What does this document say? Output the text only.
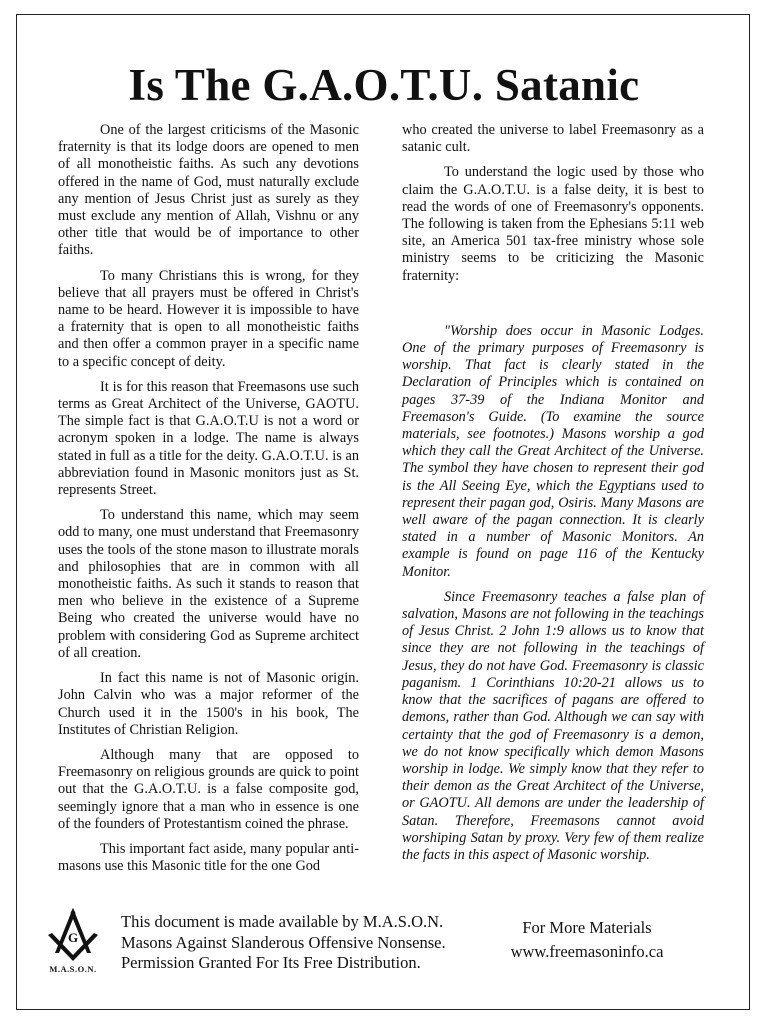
Is The G.A.O.T.U. Satanic

One of the largest criticisms of the Masonic fraternity is that its lodge doors are opened to men of all monotheistic faiths. As such any devotions offered in the name of God, must naturally exclude any mention of Jesus Christ just as surely as they must exclude any mention of Allah, Vishnu or any other title that would be of importance to other faiths.

To many Christians this is wrong, for they believe that all prayers must be offered in Christ's name to be heard. However it is impossible to have a fraternity that is open to all monotheistic faiths and then offer a common prayer in a specific name to a specific concept of deity.

It is for this reason that Freemasons use such terms as Great Architect of the Universe, GAOTU. The simple fact is that G.A.O.T.U is not a word or acronym spoken in a lodge. The name is always stated in full as a title for the deity. G.A.O.T.U. is an abbreviation found in Masonic monitors just as St. represents Street.

To understand this name, which may seem odd to many, one must understand that Freemasonry uses the tools of the stone mason to illustrate morals and philosophies that are in common with all monotheistic faiths. As such it stands to reason that men who believe in the existence of a Supreme Being who created the universe would have no problem with considering God as Supreme architect of all creation.

In fact this name is not of Masonic origin. John Calvin who was a major reformer of the Church used it in the 1500's in his book, The Institutes of Christian Religion.

Although many that are opposed to Freemasonry on religious grounds are quick to point out that the G.A.O.T.U. is a false composite god, seemingly ignore that a man who in essence is one of the founders of Protestantism coined the phrase.

This important fact aside, many popular anti-masons use this Masonic title for the one God

who created the universe to label Freemasonry as a satanic cult.

To understand the logic used by those who claim the G.A.O.T.U. is a false deity, it is best to read the words of one of Freemasonry's opponents. The following is taken from the Ephesians 5:11 web site, an America 501 tax-free ministry whose sole ministry seems to be criticizing the Masonic fraternity:

"Worship does occur in Masonic Lodges. One of the primary purposes of Freemasonry is worship. That fact is clearly stated in the Declaration of Principles which is contained on pages 37-39 of the Indiana Monitor and Freemason's Guide. (To examine the source materials, see footnotes.) Masons worship a god which they call the Great Architect of the Universe. The symbol they have chosen to represent their god is the All Seeing Eye, which the Egyptians used to represent their pagan god, Osiris. Many Masons are well aware of the pagan connection. It is clearly stated in a number of Masonic Monitors. An example is found on page 116 of the Kentucky Monitor.

Since Freemasonry teaches a false plan of salvation, Masons are not following in the teachings of Jesus Christ. 2 John 1:9 allows us to know that since they are not following in the teachings of Jesus, they do not have God. Freemasonry is classic paganism. 1 Corinthians 10:20-21 allows us to know that the sacrifices of pagans are offered to demons, rather than God. Although we can say with certainty that the god of Freemasonry is a demon, we do not know specifically which demon Masons worship in lodge. We simply know that they refer to their demon as the Great Architect of the Universe, or GAOTU. All demons are under the leadership of Satan. Therefore, Freemasons cannot avoid worshiping Satan by proxy. Very few of them realize the facts in this aspect of Masonic worship.

G
M.A.S.O.N.
This document is made available by M.A.S.O.N.
Masons Against Slanderous Offensive Nonsense.
Permission Granted For Its Free Distribution.
For More Materials
www.freemasoninfo.ca
